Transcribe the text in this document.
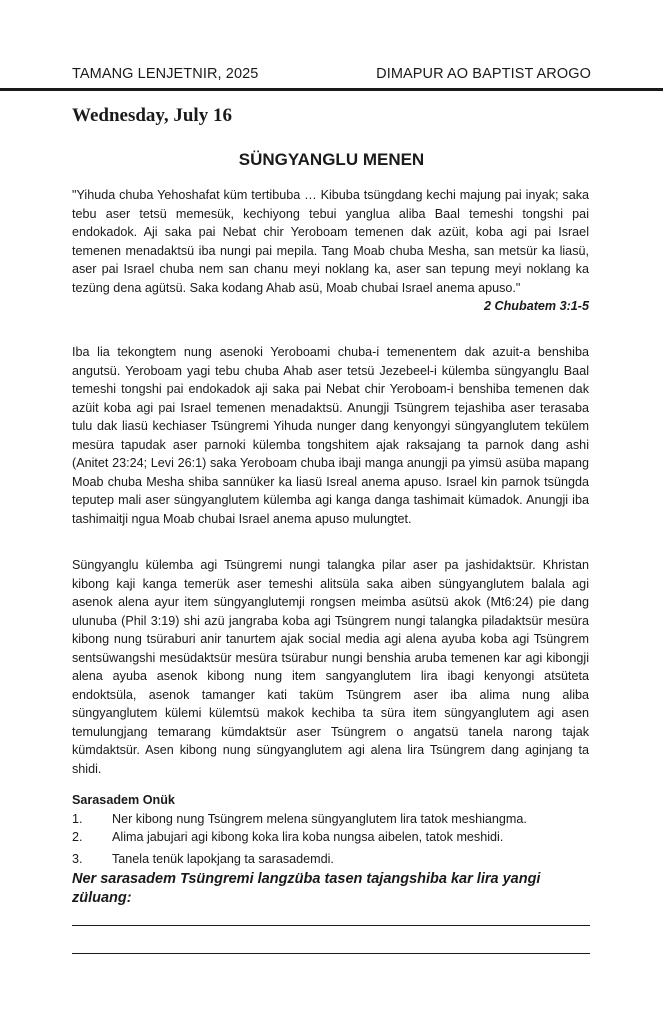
TAMANG LENJETNIR, 2025	DIMAPUR AO BAPTIST AROGO
Wednesday, July 16
SÜNGYANGLU MENEN
"Yihuda chuba Yehoshafat küm tertibuba … Kibuba tsüngdang kechi majung pai inyak; saka tebu aser tetsü memesük, kechiyong tebui yanglua aliba Baal temeshi tongshi pai endokadok. Aji saka pai Nebat chir Yeroboam temenen dak azüit, koba agi pai Israel temenen menadaktsü iba nungi pai mepila. Tang Moab chuba Mesha, san metsür ka liasü, aser pai Israel chuba nem san chanu meyi noklang ka, aser san tepung meyi noklang ka tezüng dena agütsü. Saka kodang Ahab asü, Moab chubai Israel anema apuso."
2 Chubatem 3:1-5
Iba lia tekongtem nung asenoki Yeroboami chuba-i temenentem dak azuit-a benshiba angutsü. Yeroboam yagi tebu chuba Ahab aser tetsü Jezebeel-i külemba süngyanglu Baal temeshi tongshi pai endokadok aji saka pai Nebat chir Yeroboam-i benshiba temenen dak azüit koba agi pai Israel temenen menadaktsü. Anungji Tsüngrem tejashiba aser terasaba tulu dak liasü kechiaser Tsüngremi Yihuda nunger dang kenyongyi süngyanglutem tekülem mesüra tapudak aser parnoki külemba tongshitem ajak raksajang ta parnok dang ashi (Anitet 23:24; Levi 26:1) saka Yeroboam chuba ibaji manga anungji pa yimsü asüba mapang Moab chuba Mesha shiba sannüker ka liasü Isreal anema apuso. Israel kin parnok tsüngda teputep mali aser süngyanglutem külemba agi kanga danga tashimait kümadok. Anungji iba tashimaitji ngua Moab chubai Israel anema apuso mulungtet.
Süngyanglu külemba agi Tsüngremi nungi talangka pilar aser pa jashidaktsür. Khristan kibong kaji kanga temerük aser temeshi alitsüla saka aiben süngyanglutem balala agi asenok alena ayur item süngyanglutemji rongsen meimba asütsü akok (Mt6:24) pie dang ulunuba (Phil 3:19) shi azü jangraba koba agi Tsüngrem nungi talangka piladaktsür mesüra kibong nung tsüraburi anir tanurtem ajak social media agi alena ayuba koba agi Tsüngrem sentsüwangshi mesüdaktsür mesüra tsürabur nungi benshia aruba temenen kar agi kibongji alena ayuba asenok kibong nung item sangyanglutem lira ibagi kenyongi atsüteta endoktsüla, asenok tamanger kati taküm Tsüngrem aser iba alima nung aliba süngyanglutem külemi külemtsü makok kechiba ta süra item süngyanglutem agi asen temulungjang temarang kümdaktsür aser Tsüngrem o angatsü tanela narong tajak kümdaktsür. Asen kibong nung süngyanglutem agi alena lira Tsüngrem dang aginjang ta shidi.
Sarasadem Onük
1.	Ner kibong nung Tsüngrem melena süngyanglutem lira tatok meshiangma.
2.	Alima jabujari agi kibong koka lira koba nungsa aibelen, tatok meshidi.
3.	Tanela tenük lapokjang ta sarasademdi.
Ner sarasadem Tsüngremi langzüba tasen tajangshiba kar lira yangi züluang:
